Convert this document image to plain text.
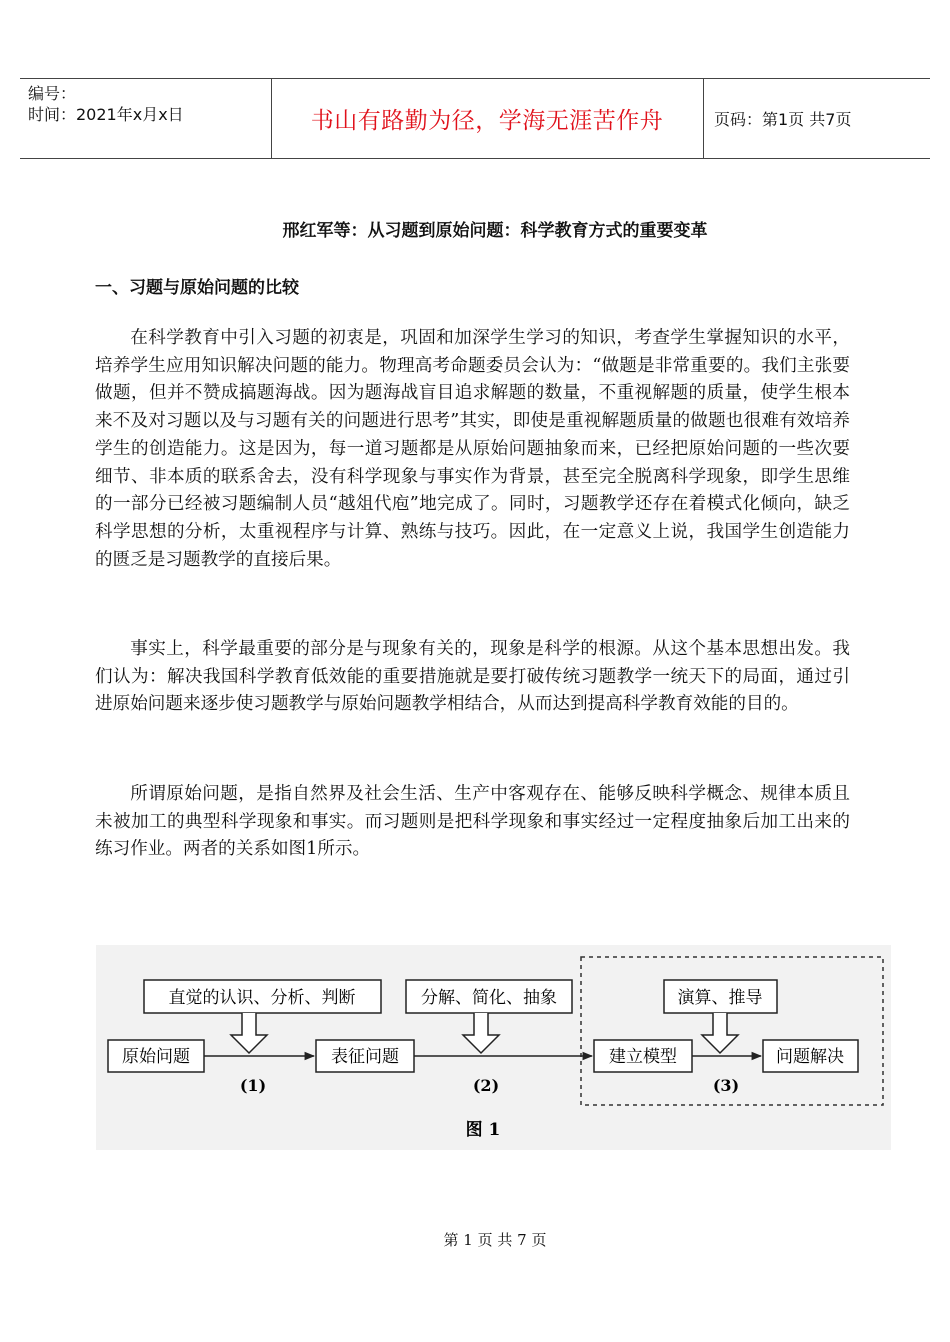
编号：
时间：2021年x月x日	书山有路勤为径，学海无涯苦作舟	页码：第1页 共7页
邢红军等：从习题到原始问题：科学教育方式的重要变革
一、习题与原始问题的比较

在科学教育中引入习题的初衷是，巩固和加深学生学习的知识，考查学生掌握知识的水平，培养学生应用知识解决问题的能力。物理高考命题委员会认为：“做题是非常重要的。我们主张要做题，但并不赞成搞题海战。因为题海战盲目追求解题的数量，不重视解题的质量，使学生根本来不及对习题以及与习题有关的问题进行思考”其实，即使是重视解题质量的做题也很难有效培养学生的创造能力。这是因为，每一道习题都是从原始问题抽象而来，已经把原始问题的一些次要细节、非本质的联系舍去，没有科学现象与事实作为背景，甚至完全脱离科学现象，即学生思维的一部分已经被习题编制人员“越俎代庖”地完成了。同时，习题教学还存在着模式化倾向，缺乏科学思想的分析，太重视程序与计算、熟练与技巧。因此，在一定意义上说，我国学生创造能力的匮乏是习题教学的直接后果。

事实上，科学最重要的部分是与现象有关的，现象是科学的根源。从这个基本思想出发。我们认为：解决我国科学教育低效能的重要措施就是要打破传统习题教学一统天下的局面，通过引进原始问题来逐步使习题教学与原始问题教学相结合，从而达到提高科学教育效能的目的。

所谓原始问题，是指自然界及社会生活、生产中客观存在、能够反映科学概念、规律本质且未被加工的典型科学现象和事实。而习题则是把科学现象和事实经过一定程度抽象后加工出来的练习作业。两者的关系如图1所示。

直觉的认识、分析、判断	分解、简化、抽象	演算、推导
原始问题	表征问题	建立模型	问题解决
(1)	(2)	(3)
图 1
第 1 页 共 7 页
